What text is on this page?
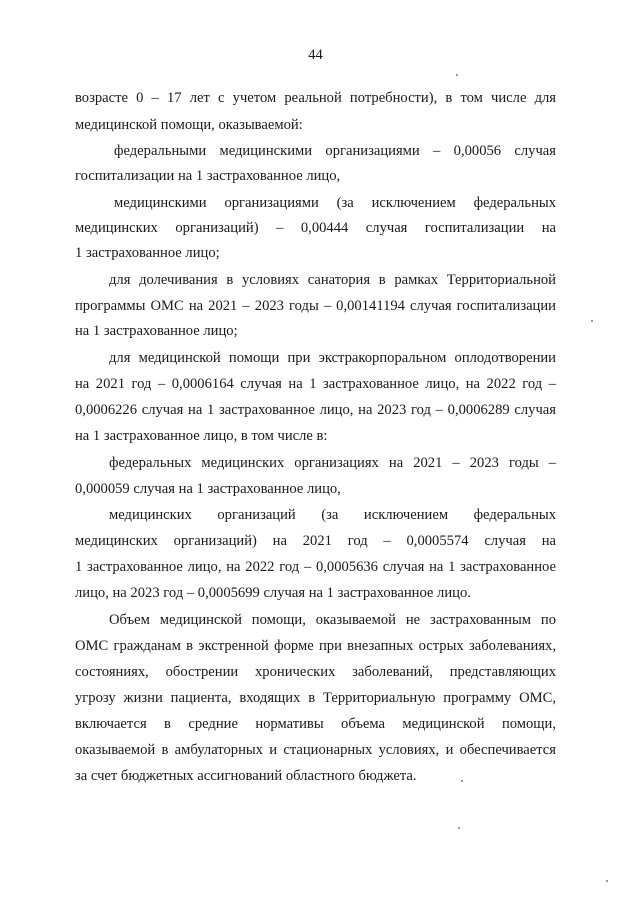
44
возрасте 0 – 17 лет с учетом реальной потребности), в том числе для
медицинской помощи, оказываемой:
федеральными медицинскими организациями – 0,00056 случая
госпитализации на 1 застрахованное лицо,
медицинскими организациями (за исключением федеральных
медицинских организаций) – 0,00444 случая госпитализации на
1 застрахованное лицо;
для долечивания в условиях санатория в рамках Территориальной
программы ОМС на 2021 – 2023 годы – 0,00141194 случая госпитализации
на 1 застрахованное лицо;
для медицинской помощи при экстракорпоральном оплодотворении
на 2021 год – 0,0006164 случая на 1 застрахованное лицо, на 2022 год –
0,0006226 случая на 1 застрахованное лицо, на 2023 год – 0,0006289 случая
на 1 застрахованное лицо, в том числе в:
федеральных медицинских организациях на 2021 – 2023 годы –
0,000059 случая на 1 застрахованное лицо,
медицинских организаций (за исключением федеральных
медицинских организаций) на 2021 год – 0,0005574 случая на
1 застрахованное лицо, на 2022 год – 0,0005636 случая на 1 застрахованное
лицо, на 2023 год – 0,0005699 случая на 1 застрахованное лицо.
Объем медицинской помощи, оказываемой не застрахованным по
ОМС гражданам в экстренной форме при внезапных острых заболеваниях,
состояниях, обострении хронических заболеваний, представляющих
угрозу жизни пациента, входящих в Территориальную программу ОМС,
включается в средние нормативы объема медицинской помощи,
оказываемой в амбулаторных и стационарных условиях, и обеспечивается
за счет бюджетных ассигнований областного бюджета.
